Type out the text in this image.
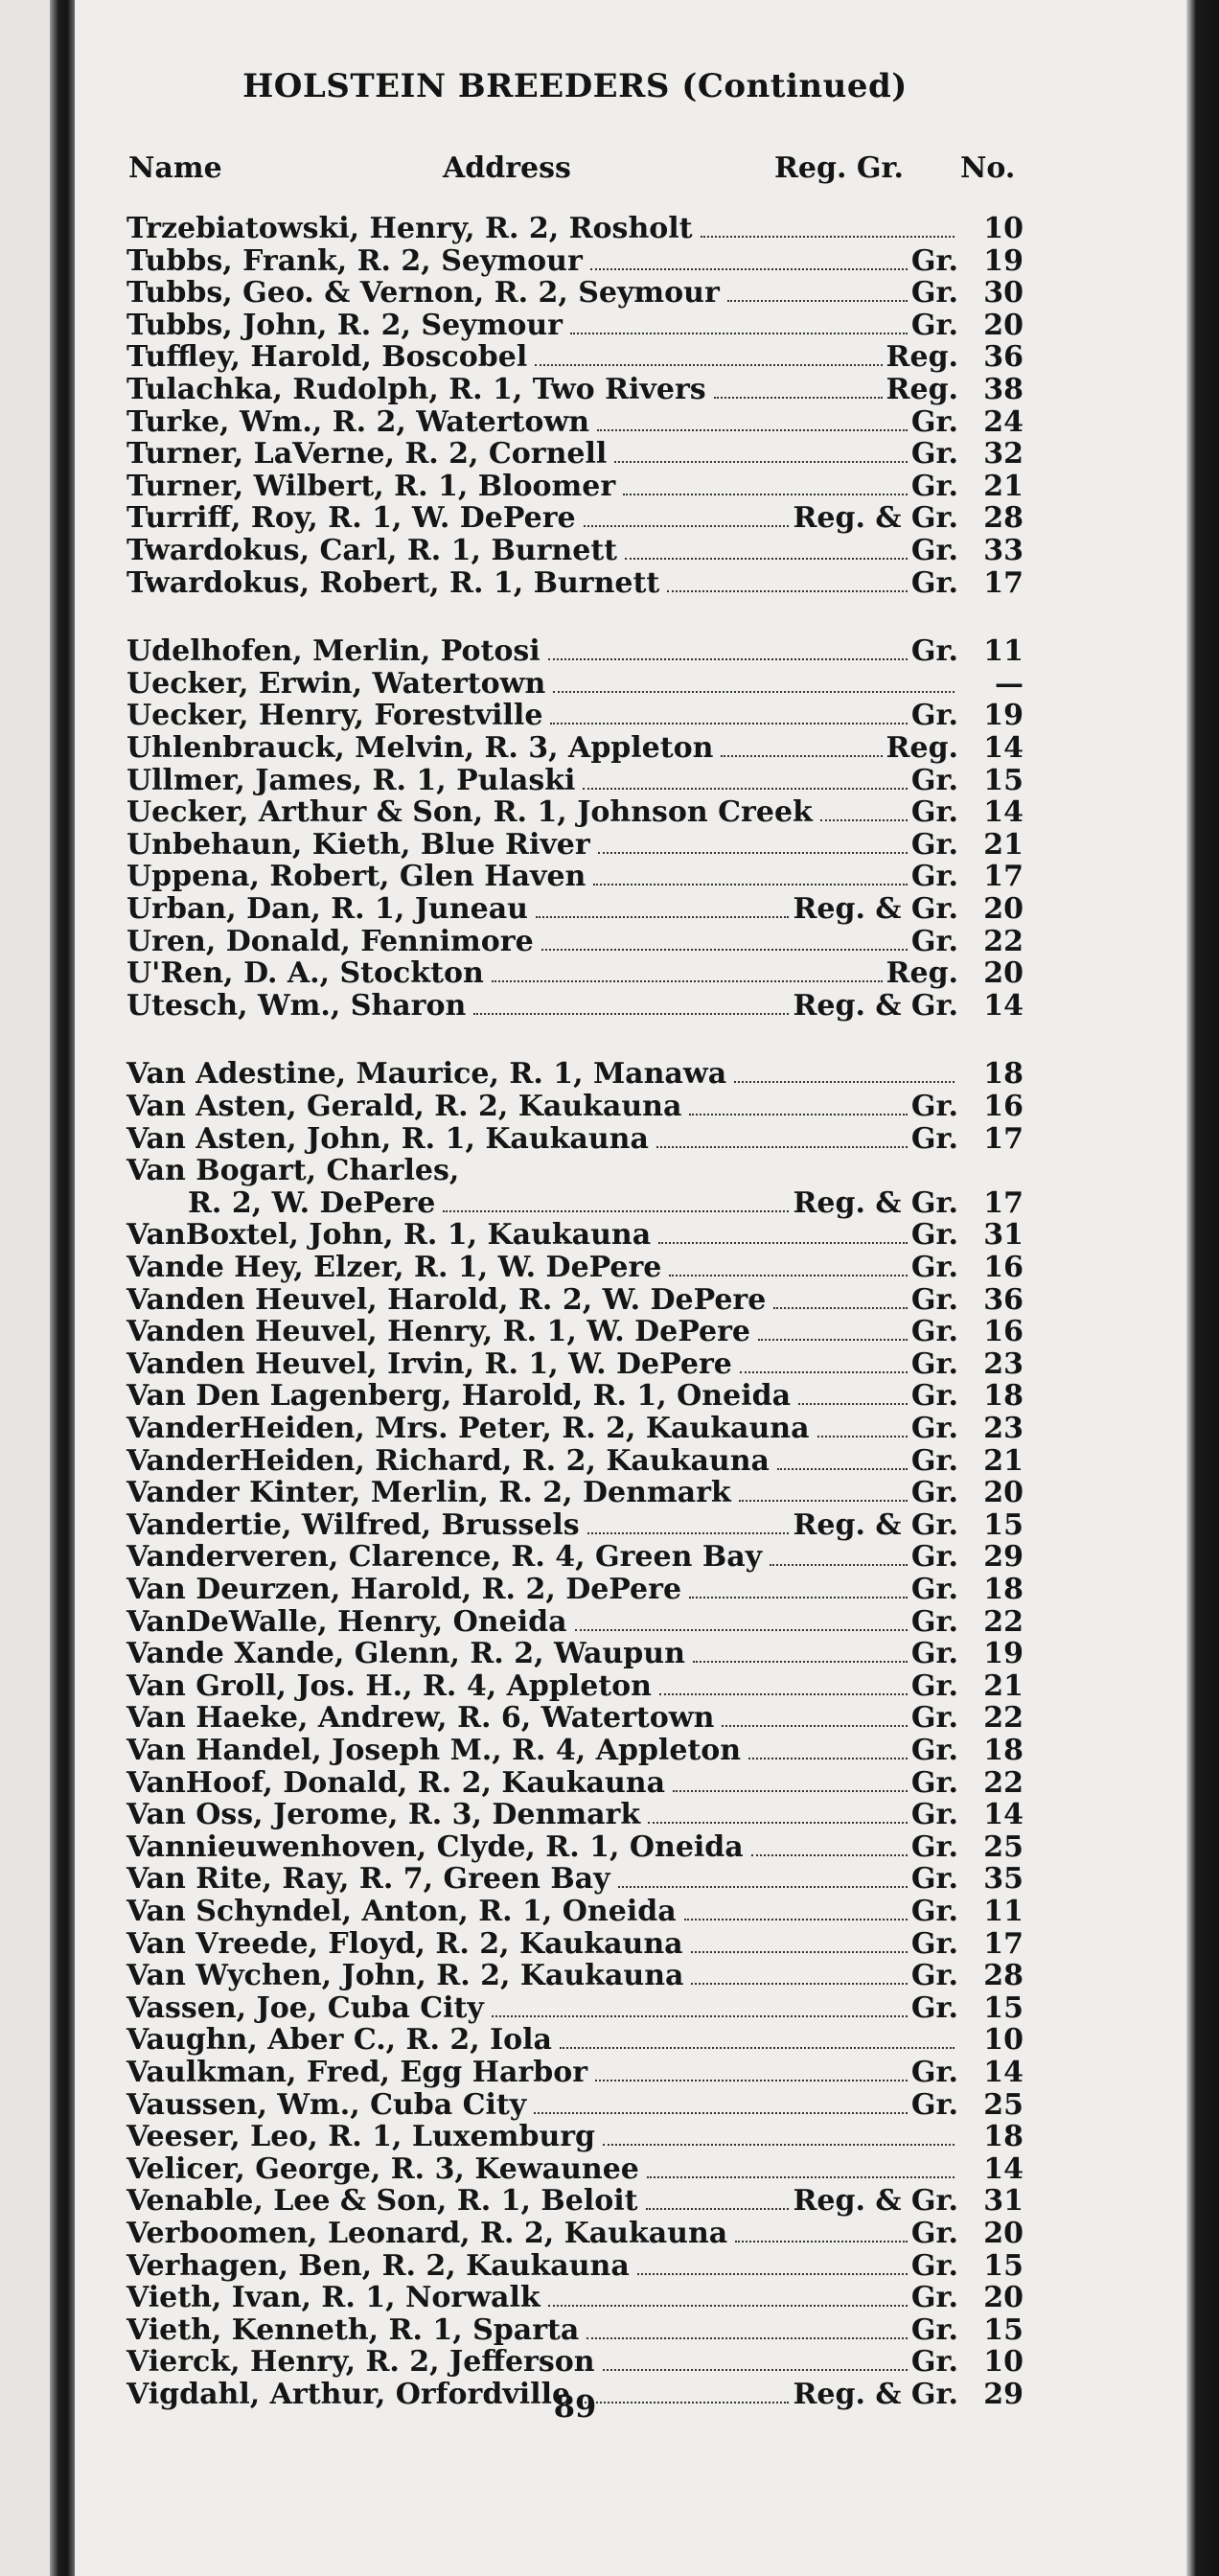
HOLSTEIN BREEDERS (Continued)
Name	Address	Reg. Gr. No.
Trzebiatowski, Henry, R. 2, Rosholt	10
Tubbs, Frank, R. 2, Seymour	Gr. 19
Tubbs, Geo. & Vernon, R. 2, Seymour	Gr. 30
Tubbs, John, R. 2, Seymour	Gr. 20
Tuffley, Harold, Boscobel	Reg. 36
Tulachka, Rudolph, R. 1, Two Rivers	Reg. 38
Turke, Wm., R. 2, Watertown	Gr. 24
Turner, LaVerne, R. 2, Cornell	Gr. 32
Turner, Wilbert, R. 1, Bloomer	Gr. 21
Turriff, Roy, R. 1, W. DePere	Reg. & Gr. 28
Twardokus, Carl, R. 1, Burnett	Gr. 33
Twardokus, Robert, R. 1, Burnett	Gr. 17
Udelhofen, Merlin, Potosi	Gr. 11
Uecker, Erwin, Watertown	—
Uecker, Henry, Forestville	Gr. 19
Uhlenbrauck, Melvin, R. 3, Appleton	Reg. 14
Ullmer, James, R. 1, Pulaski	Gr. 15
Uecker, Arthur & Son, R. 1, Johnson Creek	Gr. 14
Unbehaun, Kieth, Blue River	Gr. 21
Uppena, Robert, Glen Haven	Gr. 17
Urban, Dan, R. 1, Juneau	Reg. & Gr. 20
Uren, Donald, Fennimore	Gr. 22
U'Ren, D. A., Stockton	Reg. 20
Utesch, Wm., Sharon	Reg. & Gr. 14
Van Adestine, Maurice, R. 1, Manawa	18
Van Asten, Gerald, R. 2, Kaukauna	Gr. 16
Van Asten, John, R. 1, Kaukauna	Gr. 17
Van Bogart, Charles,
R. 2, W. DePere	Reg. & Gr. 17
VanBoxtel, John, R. 1, Kaukauna	Gr. 31
Vande Hey, Elzer, R. 1, W. DePere	Gr. 16
Vanden Heuvel, Harold, R. 2, W. DePere	Gr. 36
Vanden Heuvel, Henry, R. 1, W. DePere	Gr. 16
Vanden Heuvel, Irvin, R. 1, W. DePere	Gr. 23
Van Den Lagenberg, Harold, R. 1, Oneida	Gr. 18
VanderHeiden, Mrs. Peter, R. 2, Kaukauna	Gr. 23
VanderHeiden, Richard, R. 2, Kaukauna	Gr. 21
Vander Kinter, Merlin, R. 2, Denmark	Gr. 20
Vandertie, Wilfred, Brussels	Reg. & Gr. 15
Vanderveren, Clarence, R. 4, Green Bay	Gr. 29
Van Deurzen, Harold, R. 2, DePere	Gr. 18
VanDeWalle, Henry, Oneida	Gr. 22
Vande Xande, Glenn, R. 2, Waupun	Gr. 19
Van Groll, Jos. H., R. 4, Appleton	Gr. 21
Van Haeke, Andrew, R. 6, Watertown	Gr. 22
Van Handel, Joseph M., R. 4, Appleton	Gr. 18
VanHoof, Donald, R. 2, Kaukauna	Gr. 22
Van Oss, Jerome, R. 3, Denmark	Gr. 14
Vannieuwenhoven, Clyde, R. 1, Oneida	Gr. 25
Van Rite, Ray, R. 7, Green Bay	Gr. 35
Van Schyndel, Anton, R. 1, Oneida	Gr. 11
Van Vreede, Floyd, R. 2, Kaukauna	Gr. 17
Van Wychen, John, R. 2, Kaukauna	Gr. 28
Vassen, Joe, Cuba City	Gr. 15
Vaughn, Aber C., R. 2, Iola	10
Vaulkman, Fred, Egg Harbor	Gr. 14
Vaussen, Wm., Cuba City	Gr. 25
Veeser, Leo, R. 1, Luxemburg	18
Velicer, George, R. 3, Kewaunee	14
Venable, Lee & Son, R. 1, Beloit	Reg. & Gr. 31
Verboomen, Leonard, R. 2, Kaukauna	Gr. 20
Verhagen, Ben, R. 2, Kaukauna	Gr. 15
Vieth, Ivan, R. 1, Norwalk	Gr. 20
Vieth, Kenneth, R. 1, Sparta	Gr. 15
Vierck, Henry, R. 2, Jefferson	Gr. 10
Vigdahl, Arthur, Orfordville	Reg. & Gr. 29
89
